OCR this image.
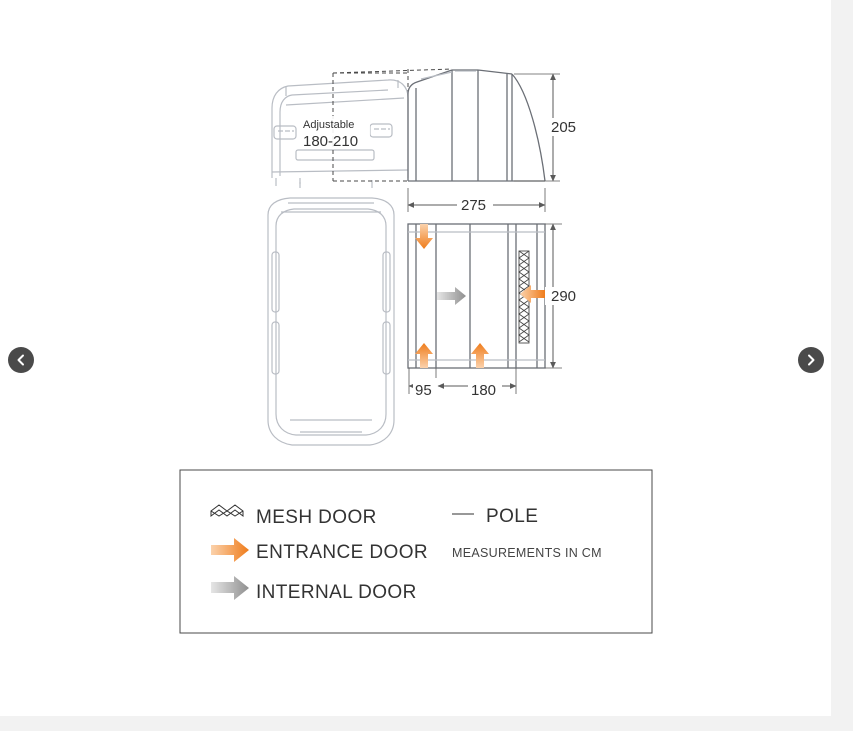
205
Adjustable
180-210
275
290
95	180
MESH DOOR
ENTRANCE DOOR
INTERNAL DOOR
POLE
MEASUREMENTS IN CM
